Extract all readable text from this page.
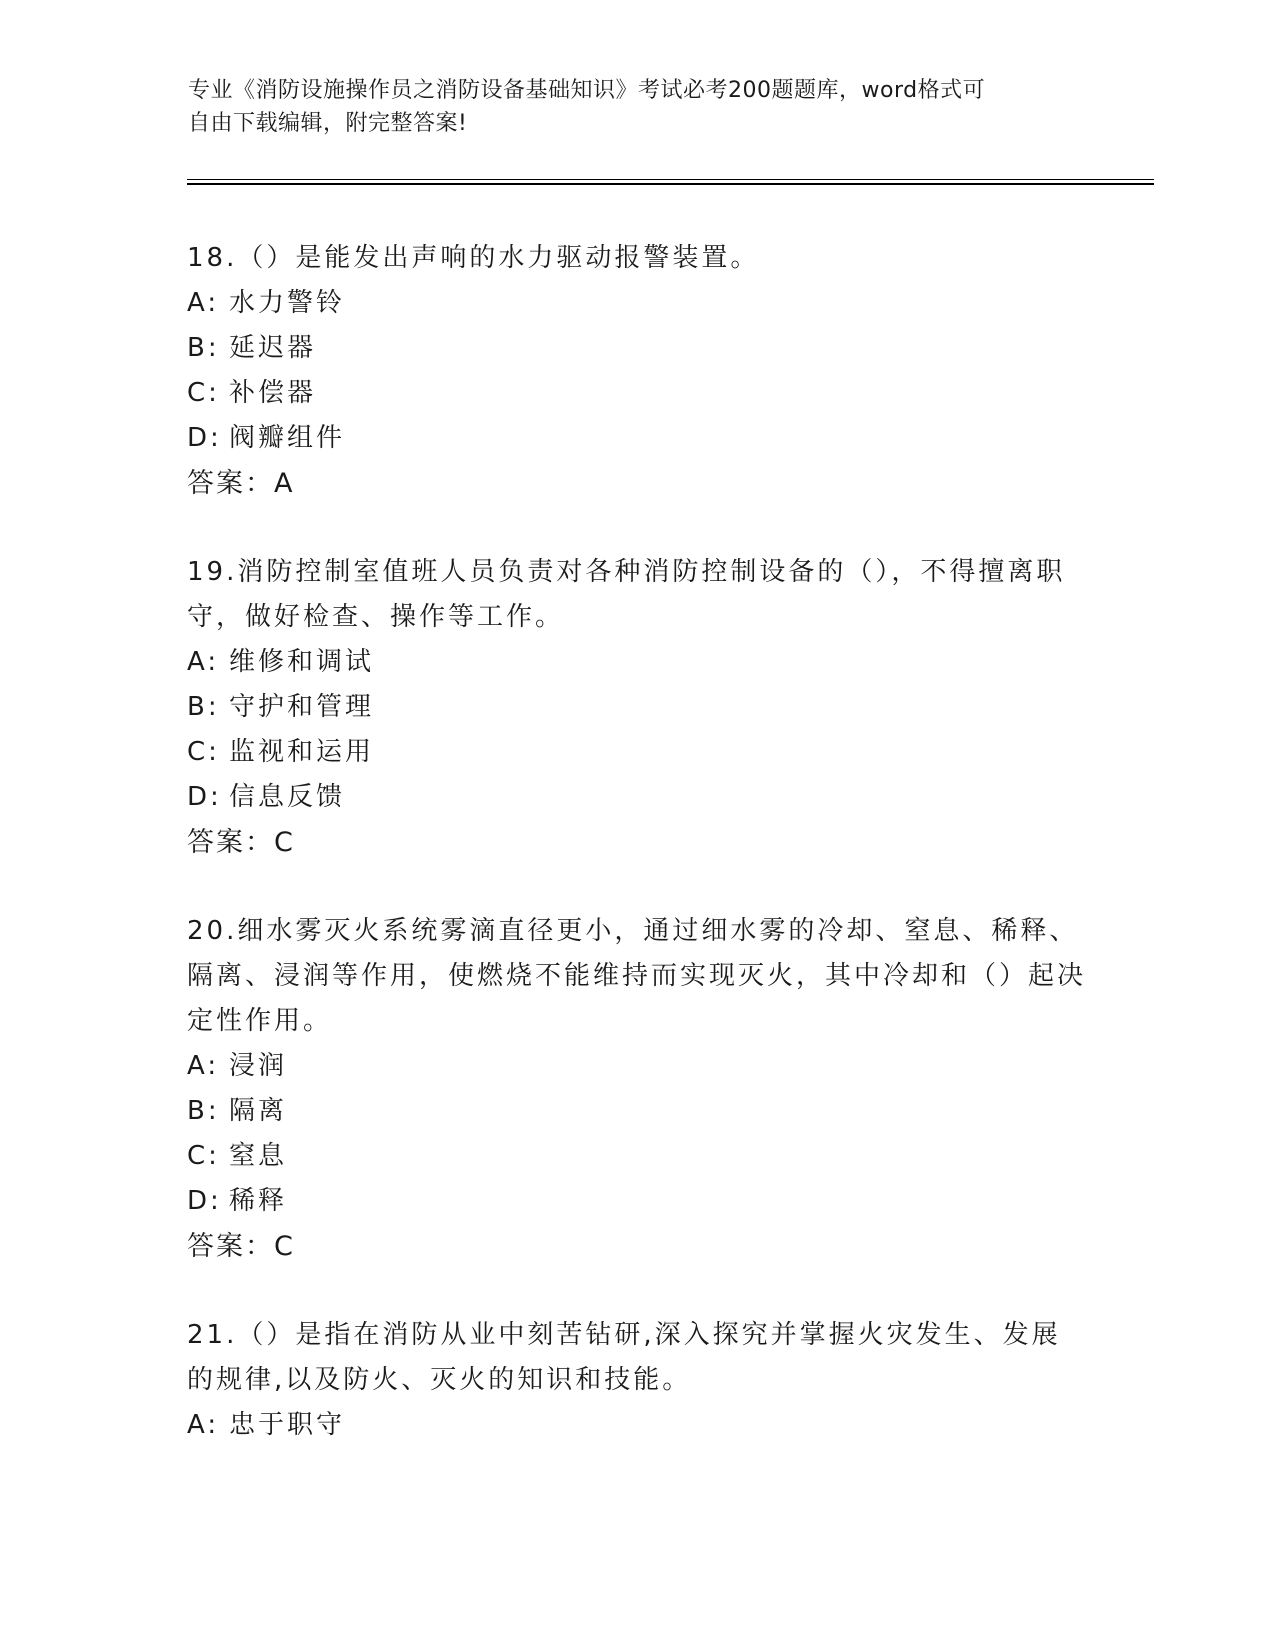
专业《消防设施操作员之消防设备基础知识》考试必考200题题库，word格式可
自由下载编辑，附完整答案!
18.（）是能发出声响的水力驱动报警装置。
A: 水力警铃
B: 延迟器
C: 补偿器
D: 阀瓣组件
答案：A
19.消防控制室值班人员负责对各种消防控制设备的（），不得擅离职守，做好检查、操作等工作。
A: 维修和调试
B: 守护和管理
C: 监视和运用
D: 信息反馈
答案：C
20.细水雾灭火系统雾滴直径更小，通过细水雾的冷却、窒息、稀释、隔离、浸润等作用，使燃烧不能维持而实现灭火，其中冷却和（）起决定性作用。
A: 浸润
B: 隔离
C: 窒息
D: 稀释
答案：C
21.（）是指在消防从业中刻苦钻研,深入探究并掌握火灾发生、发展的规律,以及防火、灭火的知识和技能。
A: 忠于职守
